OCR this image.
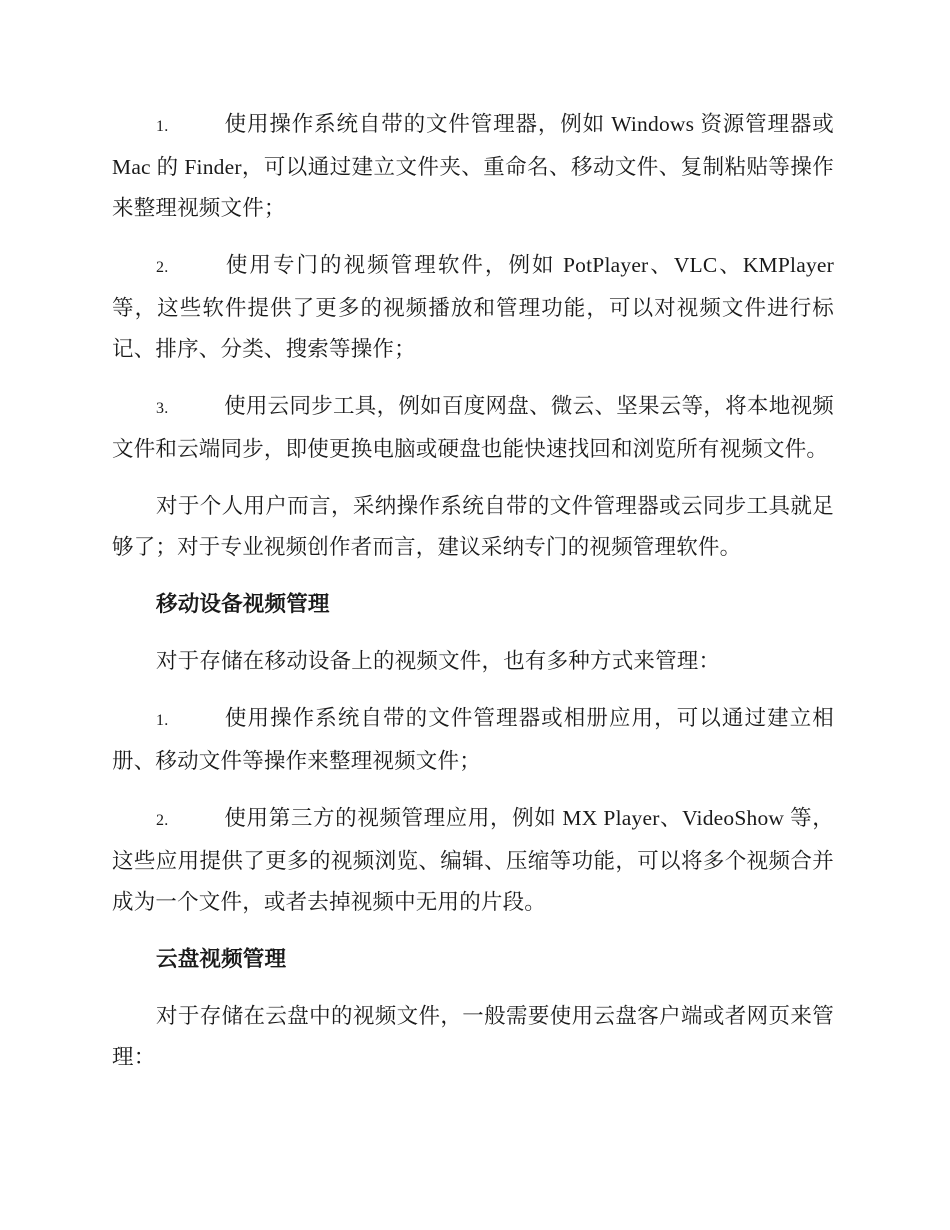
1.	使用操作系统自带的文件管理器，例如 Windows 资源管理器或 Mac 的 Finder，可以通过建立文件夹、重命名、移动文件、复制粘贴等操作来整理视频文件；

2.	使用专门的视频管理软件，例如 PotPlayer、VLC、KMPlayer 等，这些软件提供了更多的视频播放和管理功能，可以对视频文件进行标记、排序、分类、搜索等操作；

3.	使用云同步工具，例如百度网盘、微云、坚果云等，将本地视频文件和云端同步，即使更换电脑或硬盘也能快速找回和浏览所有视频文件。

对于个人用户而言，采纳操作系统自带的文件管理器或云同步工具就足够了；对于专业视频创作者而言，建议采纳专门的视频管理软件。

移动设备视频管理

对于存储在移动设备上的视频文件，也有多种方式来管理：

1.	使用操作系统自带的文件管理器或相册应用，可以通过建立相册、移动文件等操作来整理视频文件；

2.	使用第三方的视频管理应用，例如 MX Player、VideoShow 等，这些应用提供了更多的视频浏览、编辑、压缩等功能，可以将多个视频合并成为一个文件，或者去掉视频中无用的片段。

云盘视频管理

对于存储在云盘中的视频文件，一般需要使用云盘客户端或者网页来管理：
